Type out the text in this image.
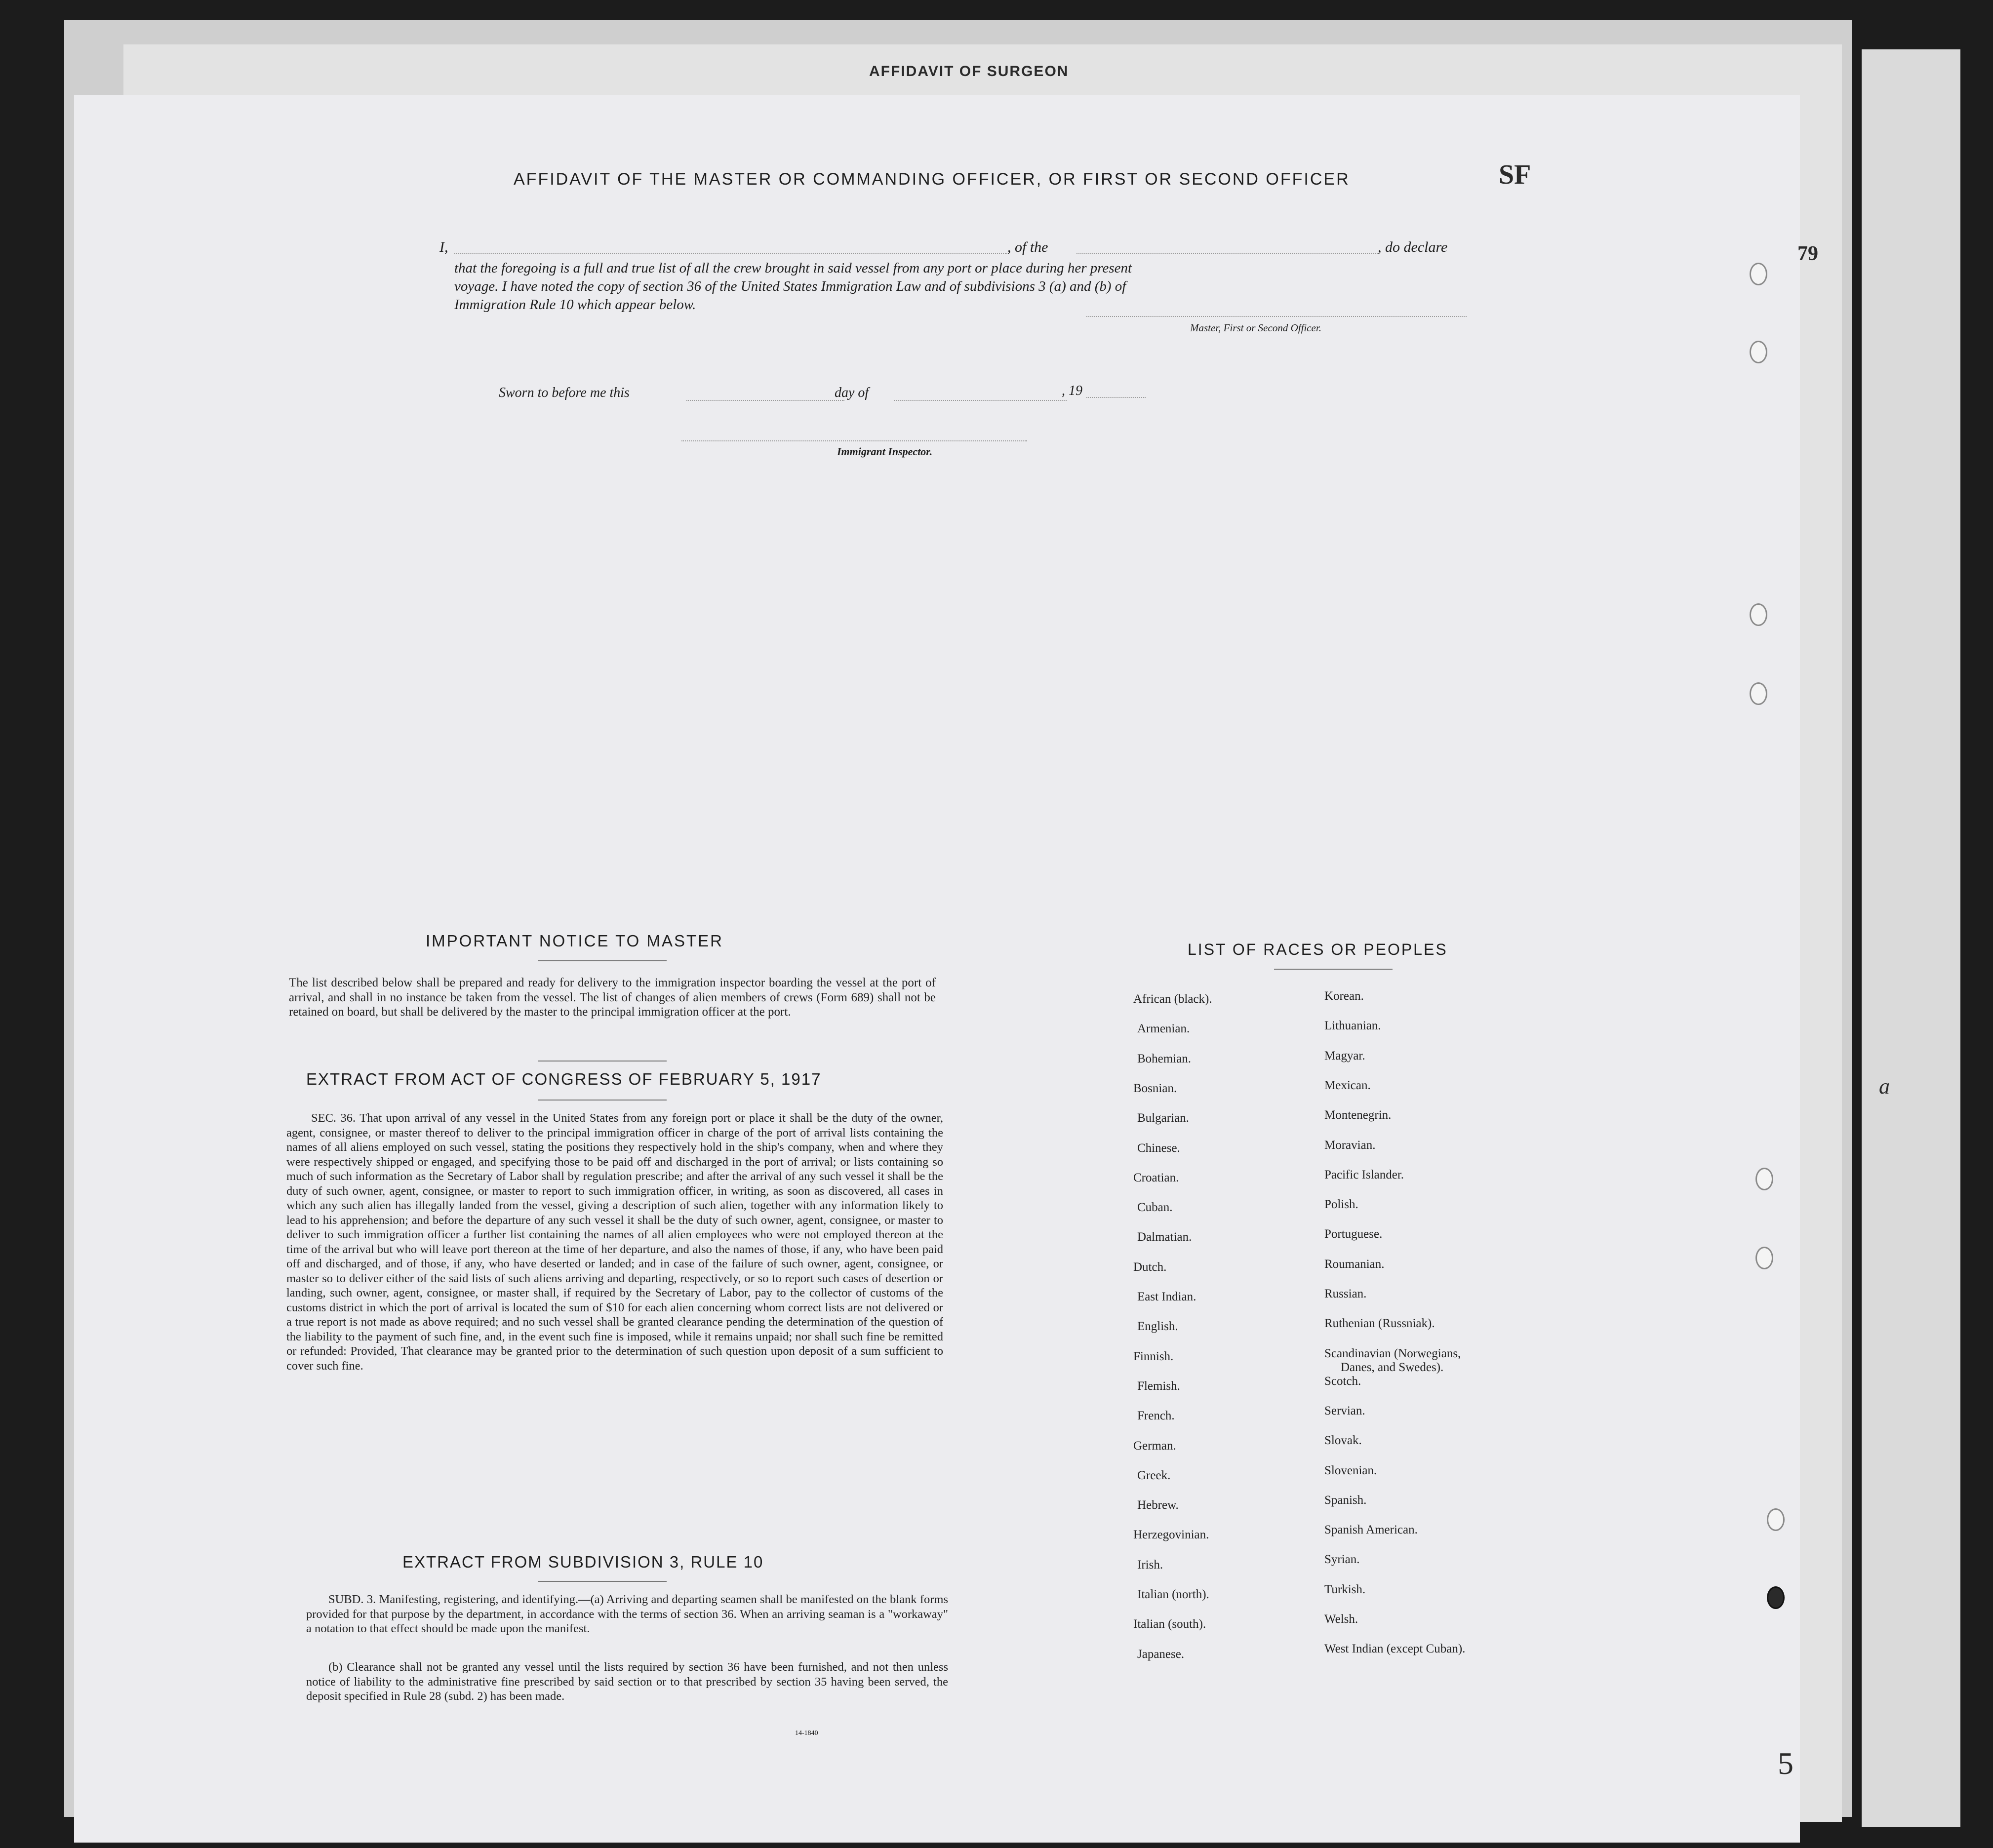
AFFIDAVIT OF SURGEON
AFFIDAVIT OF THE MASTER OR COMMANDING OFFICER, OR FIRST OR SECOND OFFICER	SF
I,	, of the	, do declare
that the foregoing is a full and true list of all the crew brought in said vessel from any port or place during her present
voyage. I have noted the copy of section 36 of the United States Immigration Law and of subdivisions 3 (a) and (b) of
Immigration Rule 10 which appear below.
Master, First or Second Officer.
Sworn to before me this	day of	, 19
Immigrant Inspector.
IMPORTANT NOTICE TO MASTER
The list described below shall be prepared and ready for delivery to the immigration inspector boarding the vessel at the port of arrival, and shall in no instance be taken from the vessel. The list of changes of alien members of crews (Form 689) shall not be retained on board, but shall be delivered by the master to the principal immigration officer at the port.
EXTRACT FROM ACT OF CONGRESS OF FEBRUARY 5, 1917
SEC. 36. That upon arrival of any vessel in the United States from any foreign port or place it shall be the duty of the owner, agent, consignee, or master thereof to deliver to the principal immigration officer in charge of the port of arrival lists containing the names of all aliens employed on such vessel, stating the positions they respectively hold in the ship's company, when and where they were respectively shipped or engaged, and specifying those to be paid off and discharged in the port of arrival; or lists containing so much of such information as the Secretary of Labor shall by regulation prescribe; and after the arrival of any such vessel it shall be the duty of such owner, agent, consignee, or master to report to such immigration officer, in writing, as soon as discovered, all cases in which any such alien has illegally landed from the vessel, giving a description of such alien, together with any information likely to lead to his apprehension; and before the departure of any such vessel it shall be the duty of such owner, agent, consignee, or master to deliver to such immigration officer a further list containing the names of all alien employees who were not employed thereon at the time of the arrival but who will leave port thereon at the time of her departure, and also the names of those, if any, who have been paid off and discharged, and of those, if any, who have deserted or landed; and in case of the failure of such owner, agent, consignee, or master so to deliver either of the said lists of such aliens arriving and departing, respectively, or so to report such cases of desertion or landing, such owner, agent, consignee, or master shall, if required by the Secretary of Labor, pay to the collector of customs of the customs district in which the port of arrival is located the sum of $10 for each alien concerning whom correct lists are not delivered or a true report is not made as above required; and no such vessel shall be granted clearance pending the determination of the question of the liability to the payment of such fine, and, in the event such fine is imposed, while it remains unpaid; nor shall such fine be remitted or refunded: Provided, That clearance may be granted prior to the determination of such question upon deposit of a sum sufficient to cover such fine.
EXTRACT FROM SUBDIVISION 3, RULE 10
SUBD. 3. Manifesting, registering, and identifying.—(a) Arriving and departing seamen shall be manifested on the blank forms provided for that purpose by the department, in accordance with the terms of section 36. When an arriving seaman is a "workaway" a notation to that effect should be made upon the manifest.
(b) Clearance shall not be granted any vessel until the lists required by section 36 have been furnished, and not then unless notice of liability to the administrative fine prescribed by said section or to that prescribed by section 35 having been served, the deposit specified in Rule 28 (subd. 2) has been made.
14-1840
LIST OF RACES OR PEOPLES
African (black).
Armenian.
Bohemian.
Bosnian.
Bulgarian.
Chinese.
Croatian.
Cuban.
Dalmatian.
Dutch.
East Indian.
English.
Finnish.
Flemish.
French.
German.
Greek.
Hebrew.
Herzegovinian.
Irish.
Italian (north).
Italian (south).
Japanese.
Korean.
Lithuanian.
Magyar.
Mexican.
Montenegrin.
Moravian.
Pacific Islander.
Polish.
Portuguese.
Roumanian.
Russian.
Ruthenian (Russniak).
Scandinavian (Norwegians,
Danes, and Swedes).
Scotch.
Servian.
Slovak.
Slovenian.
Spanish.
Spanish American.
Syrian.
Turkish.
Welsh.
West Indian (except Cuban).
79
a
5
